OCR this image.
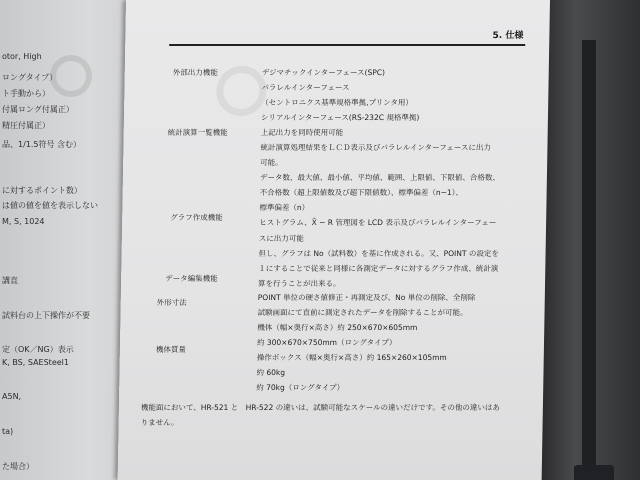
otor, High
ロングタイプ）
ト手動から）
付属ロング付属正）
精圧付属正）
品、1/1.5符号 含む）
に対するポイント数）
は値の値を値を表示しない
M, S, 1024
講直
試料台の上下操作が不要
定（OK／NG）表示
K, BS, SAESteel1
A5N,
ta)
た場合）
5. 仕様
外部出力機能	デジマチックインターフェース(SPC)
パラレルインターフェース
（セントロニクス基準規格準拠,プリンタ用）
シリアルインターフェース(RS-232C 規格準拠)
上記出力を同時使用可能
統計演算一覧機能
統計演算処理結果をＬＣＤ表示及びパラレルインターフェースに出力
可能。
データ数、最大値、最小値、平均値、範囲、上限値、下限値、合格数、
不合格数（超上限値数及び超下限値数）、標準偏差（n−1）、
標準偏差（n）
グラフ作成機能
ヒストグラム、X̄ − R 管理図を LCD 表示及びパラレルインターフェー
スに出力可能
但し、グラフは No（試料数）を基に作成される。又、POINT の設定を
１にすることで従来と同様に各測定データに対するグラフ作成、統計演
算を行うことが出来る。
データ編集機能
POINT 単位の硬さ値修正・再測定及び、No 単位の削除、全削除
試験画面にて直前に測定されたデータを削除することが可能。
外形寸法
機体（幅×奥行×高さ）約 250×670×605mm
約 300×670×750mm（ロングタイプ）
操作ボックス（幅×奥行×高さ）約 165×260×105mm
機体質量
約 60kg
約 70kg（ロングタイプ）
機能面において、HR-521 と　HR-522 の違いは、試験可能なスケールの違いだけです。その他の違いはあ
りません。
